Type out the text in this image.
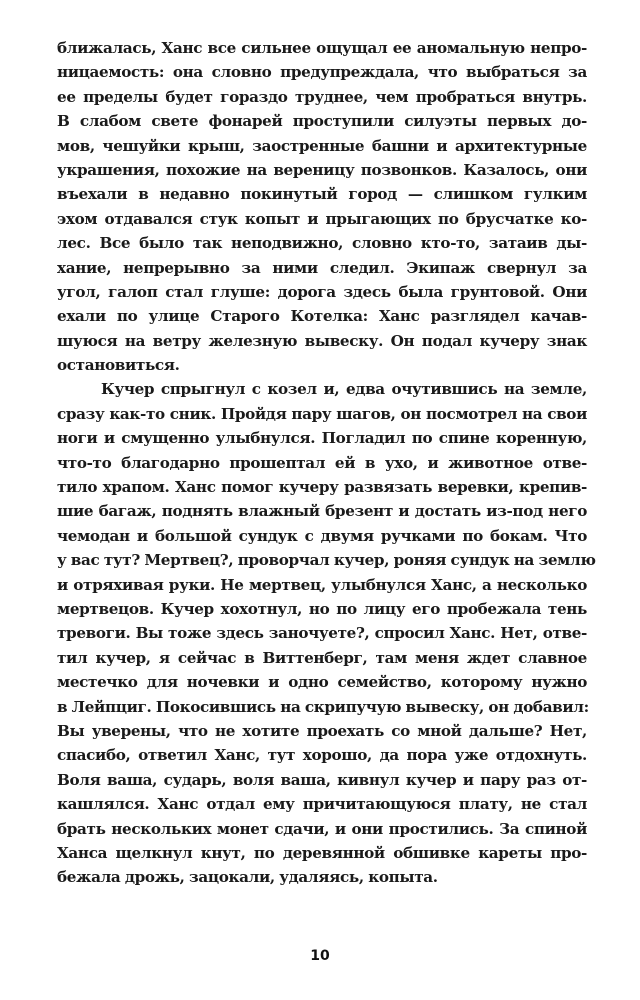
ближалась, Ханс все сильнее ощущал ее аномальную непро-
ницаемость: она словно предупреждала, что выбраться за
ее пределы будет гораздо труднее, чем пробраться внутрь.
В слабом свете фонарей проступили силуэты первых до-
мов, чешуйки крыш, заостренные башни и архитектурные
украшения, похожие на вереницу позвонков. Казалось, они
въехали в недавно покинутый город — слишком гулким
эхом отдавался стук копыт и прыгающих по брусчатке ко-
лес. Все было так неподвижно, словно кто-то, затаив ды-
хание, непрерывно за ними следил. Экипаж свернул за
угол, галоп стал глуше: дорога здесь была грунтовой. Они
ехали по улице Старого Котелка: Ханс разглядел качав-
шуюся на ветру железную вывеску. Он подал кучеру знак
остановиться.
Кучер спрыгнул с козел и, едва очутившись на земле,
сразу как-то сник. Пройдя пару шагов, он посмотрел на свои
ноги и смущенно улыбнулся. Погладил по спине коренную,
что-то благодарно прошептал ей в ухо, и животное отве-
тило храпом. Ханс помог кучеру развязать веревки, крепив-
шие багаж, поднять влажный брезент и достать из-под него
чемодан и большой сундук с двумя ручками по бокам. Что
у вас тут? Мертвец?, проворчал кучер, роняя сундук на землю
и отряхивая руки. Не мертвец, улыбнулся Ханс, а несколько
мертвецов. Кучер хохотнул, но по лицу его пробежала тень
тревоги. Вы тоже здесь заночуете?, спросил Ханс. Нет, отве-
тил кучер, я сейчас в Виттенберг, там меня ждет славное
местечко для ночевки и одно семейство, которому нужно
в Лейпциг. Покосившись на скрипучую вывеску, он добавил:
Вы уверены, что не хотите проехать со мной дальше? Нет,
спасибо, ответил Ханс, тут хорошо, да пора уже отдохнуть.
Воля ваша, сударь, воля ваша, кивнул кучер и пару раз от-
кашлялся. Ханс отдал ему причитающуюся плату, не стал
брать нескольких монет сдачи, и они простились. За спиной
Ханса щелкнул кнут, по деревянной обшивке кареты про-
бежала дрожь, зацокали, удаляясь, копыта.
10
